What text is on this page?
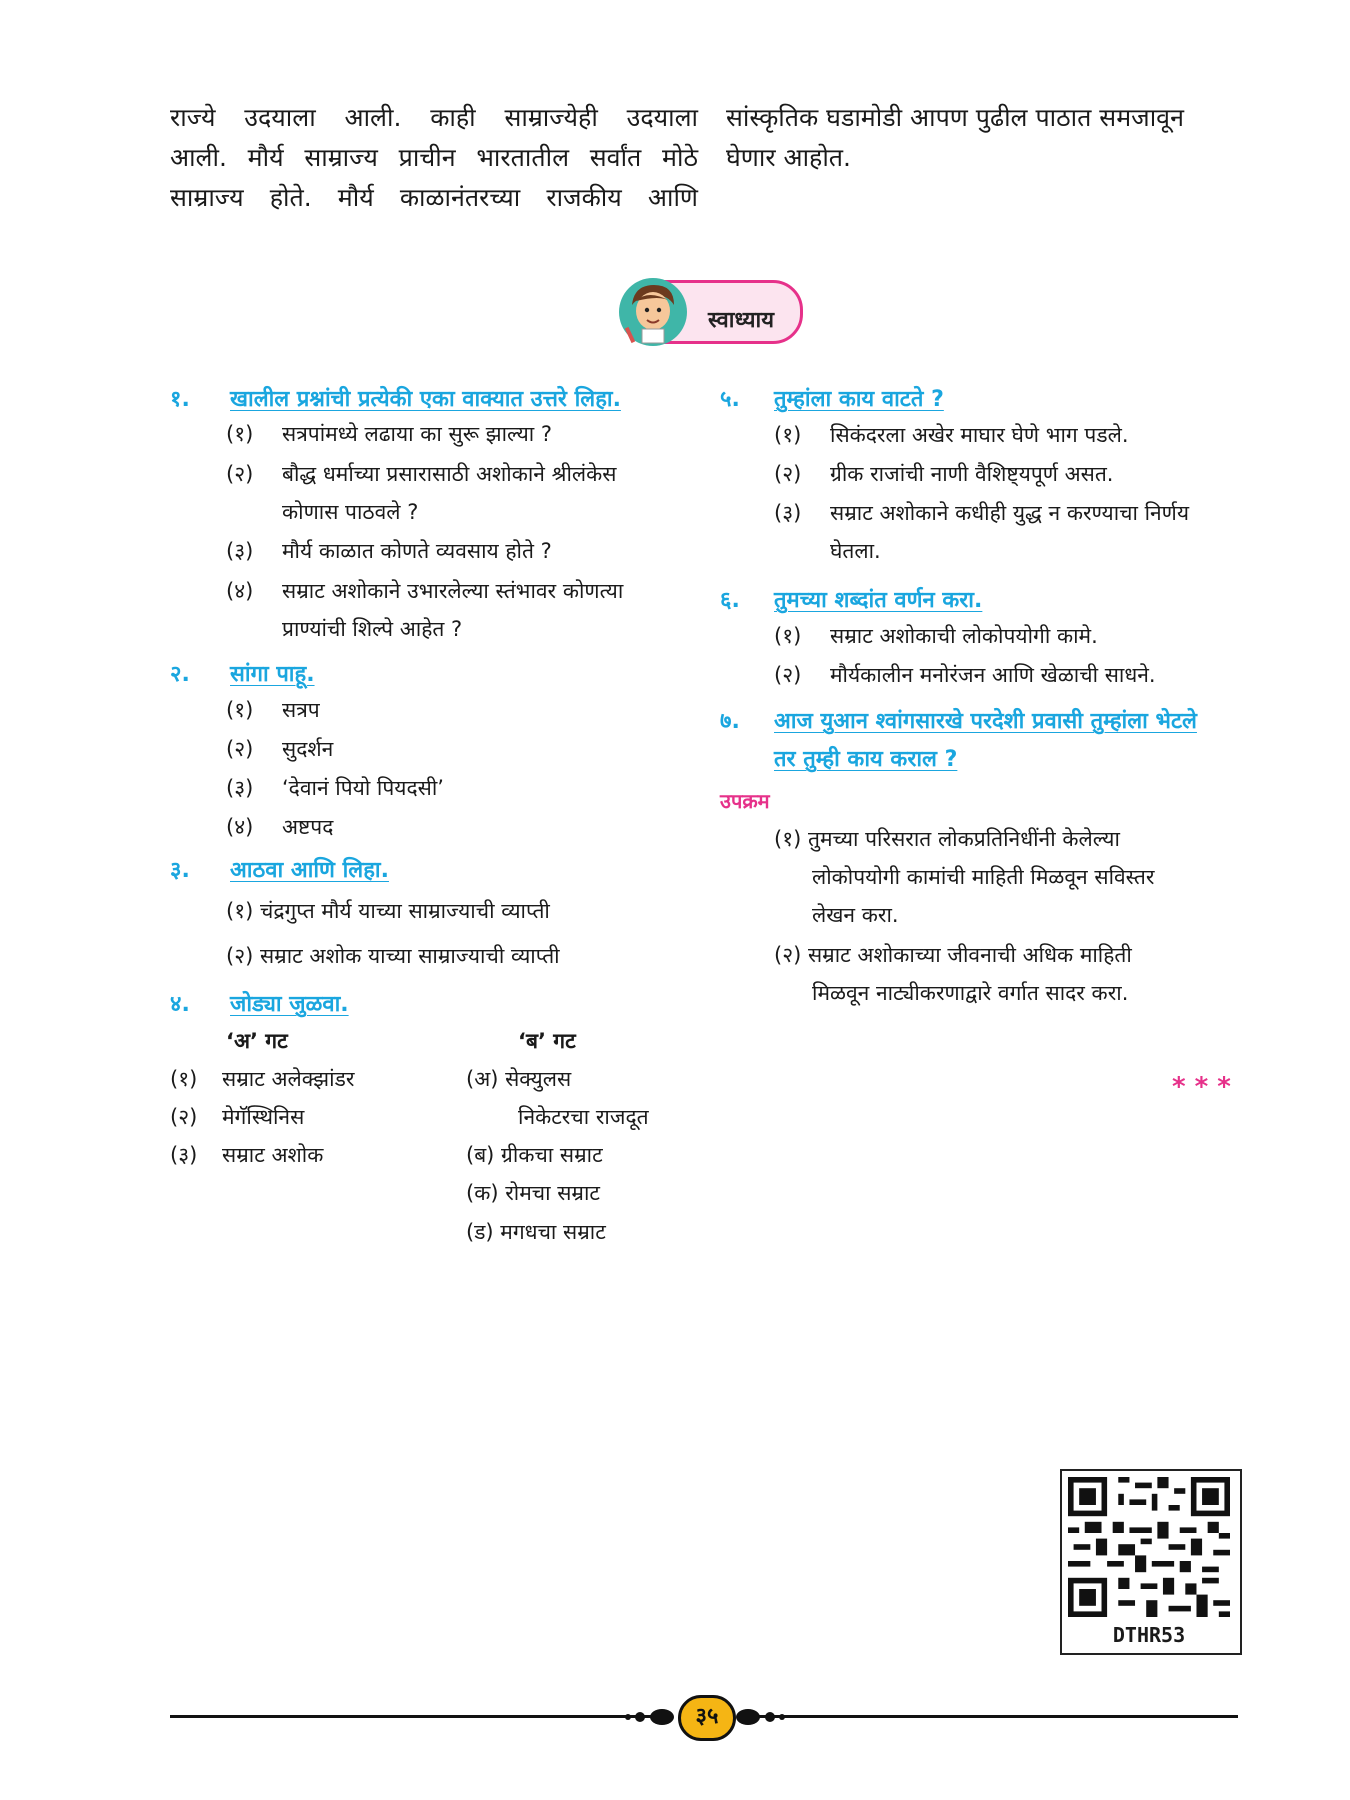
राज्ये उदयाला आली. काही साम्राज्येही उदयाला
आली. मौर्य साम्राज्य प्राचीन भारतातील सर्वांत मोठे
साम्राज्य होते. मौर्य काळानंतरच्या राजकीय आणि
सांस्कृतिक घडामोडी आपण पुढील पाठात समजावून
घेणार आहोत.
स्वाध्याय
१. खालील प्रश्नांची प्रत्येकी एका वाक्यात उत्तरे लिहा.
(१) सत्रपांमध्ये लढाया का सुरू झाल्या ?
(२) बौद्ध धर्माच्या प्रसारासाठी अशोकाने श्रीलंकेस
कोणास पाठवले ?
(३) मौर्य काळात कोणते व्यवसाय होते ?
(४) सम्राट अशोकाने उभारलेल्या स्तंभावर कोणत्या
प्राण्यांची शिल्पे आहेत ?
२. सांगा पाहू.
(१) सत्रप
(२) सुदर्शन
(३) ‘देवानं पियो पियदसी’
(४) अष्टपद
३. आठवा आणि लिहा.
(१) चंद्रगुप्त मौर्य याच्या साम्राज्याची व्याप्ती
(२) सम्राट अशोक याच्या साम्राज्याची व्याप्ती
४. जोड्या जुळवा.
‘अ’ गट	‘ब’ गट
(१) सम्राट अलेक्झांडर
(२) मेगॅस्थिनिस
(३) सम्राट अशोक
(अ) सेक्युलस
निकेटरचा राजदूत
(ब) ग्रीकचा सम्राट
(क) रोमचा सम्राट
(ड) मगधचा सम्राट
५. तुम्हांला काय वाटते ?
(१) सिकंदरला अखेर माघार घेणे भाग पडले.
(२) ग्रीक राजांची नाणी वैशिष्ट्यपूर्ण असत.
(३) सम्राट अशोकाने कधीही युद्ध न करण्याचा निर्णय
घेतला.
६. तुमच्या शब्दांत वर्णन करा.
(१) सम्राट अशोकाची लोकोपयोगी कामे.
(२) मौर्यकालीन मनोरंजन आणि खेळाची साधने.
७. आज युआन श्वांगसारखे परदेशी प्रवासी तुम्हांला भेटले
तर तुम्ही काय कराल ?
उपक्रम
(१) तुमच्या परिसरात लोकप्रतिनिधींनी केलेल्या
लोकोपयोगी कामांची माहिती मिळवून सविस्तर
लेखन करा.
(२) सम्राट अशोकाच्या जीवनाची अधिक माहिती
मिळवून नाट्यीकरणाद्वारे वर्गात सादर करा.
* * *
DTHR53
३५
